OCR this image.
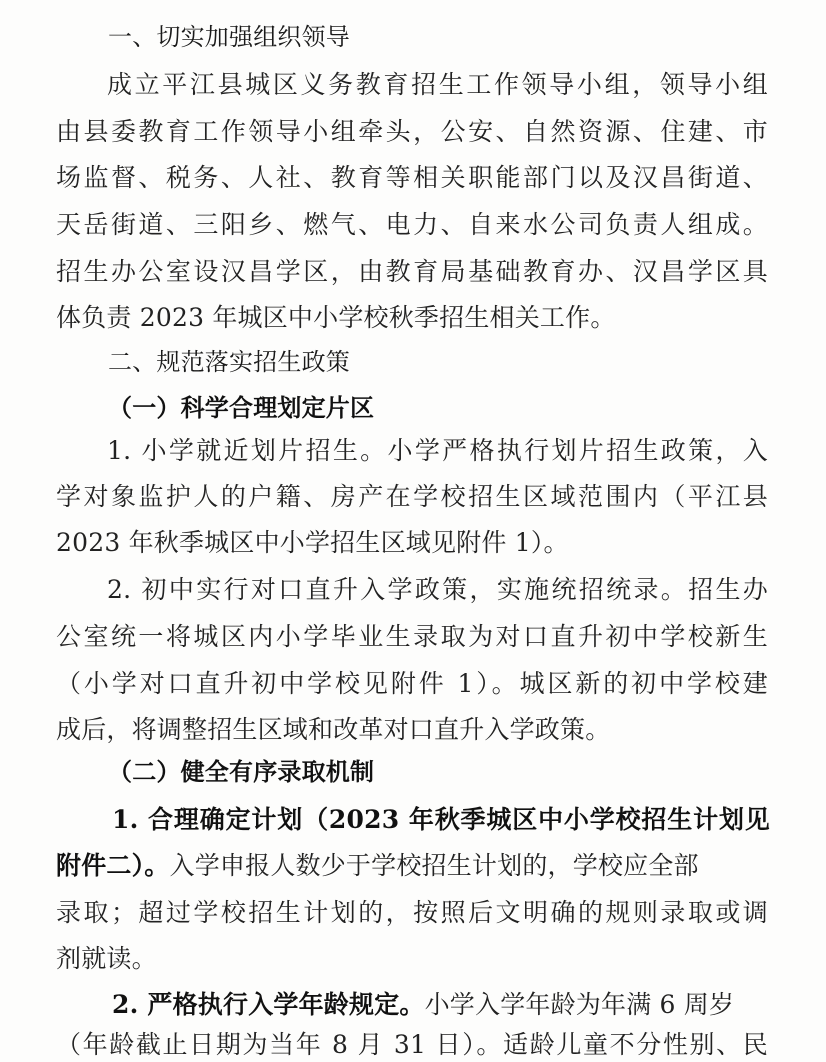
一、切实加强组织领导
成立平江县城区义务教育招生工作领导小组，领导小组
由县委教育工作领导小组牵头，公安、自然资源、住建、市
场监督、税务、人社、教育等相关职能部门以及汉昌街道、
天岳街道、三阳乡、燃气、电力、自来水公司负责人组成。
招生办公室设汉昌学区，由教育局基础教育办、汉昌学区具
体负责 2023 年城区中小学校秋季招生相关工作。
二、规范落实招生政策
（一）科学合理划定片区
1. 小学就近划片招生。小学严格执行划片招生政策，入
学对象监护人的户籍、房产在学校招生区域范围内（平江县
2023 年秋季城区中小学招生区域见附件 1）。
2. 初中实行对口直升入学政策，实施统招统录。招生办
公室统一将城区内小学毕业生录取为对口直升初中学校新生
（小学对口直升初中学校见附件 1）。城区新的初中学校建
成后，将调整招生区域和改革对口直升入学政策。
（二）健全有序录取机制
1. 合理确定计划（2023 年秋季城区中小学校招生计划见
附件二）。入学申报人数少于学校招生计划的，学校应全部
录取；超过学校招生计划的，按照后文明确的规则录取或调
剂就读。
2. 严格执行入学年龄规定。小学入学年龄为年满 6 周岁
（年龄截止日期为当年 8 月 31 日）。适龄儿童不分性别、民
